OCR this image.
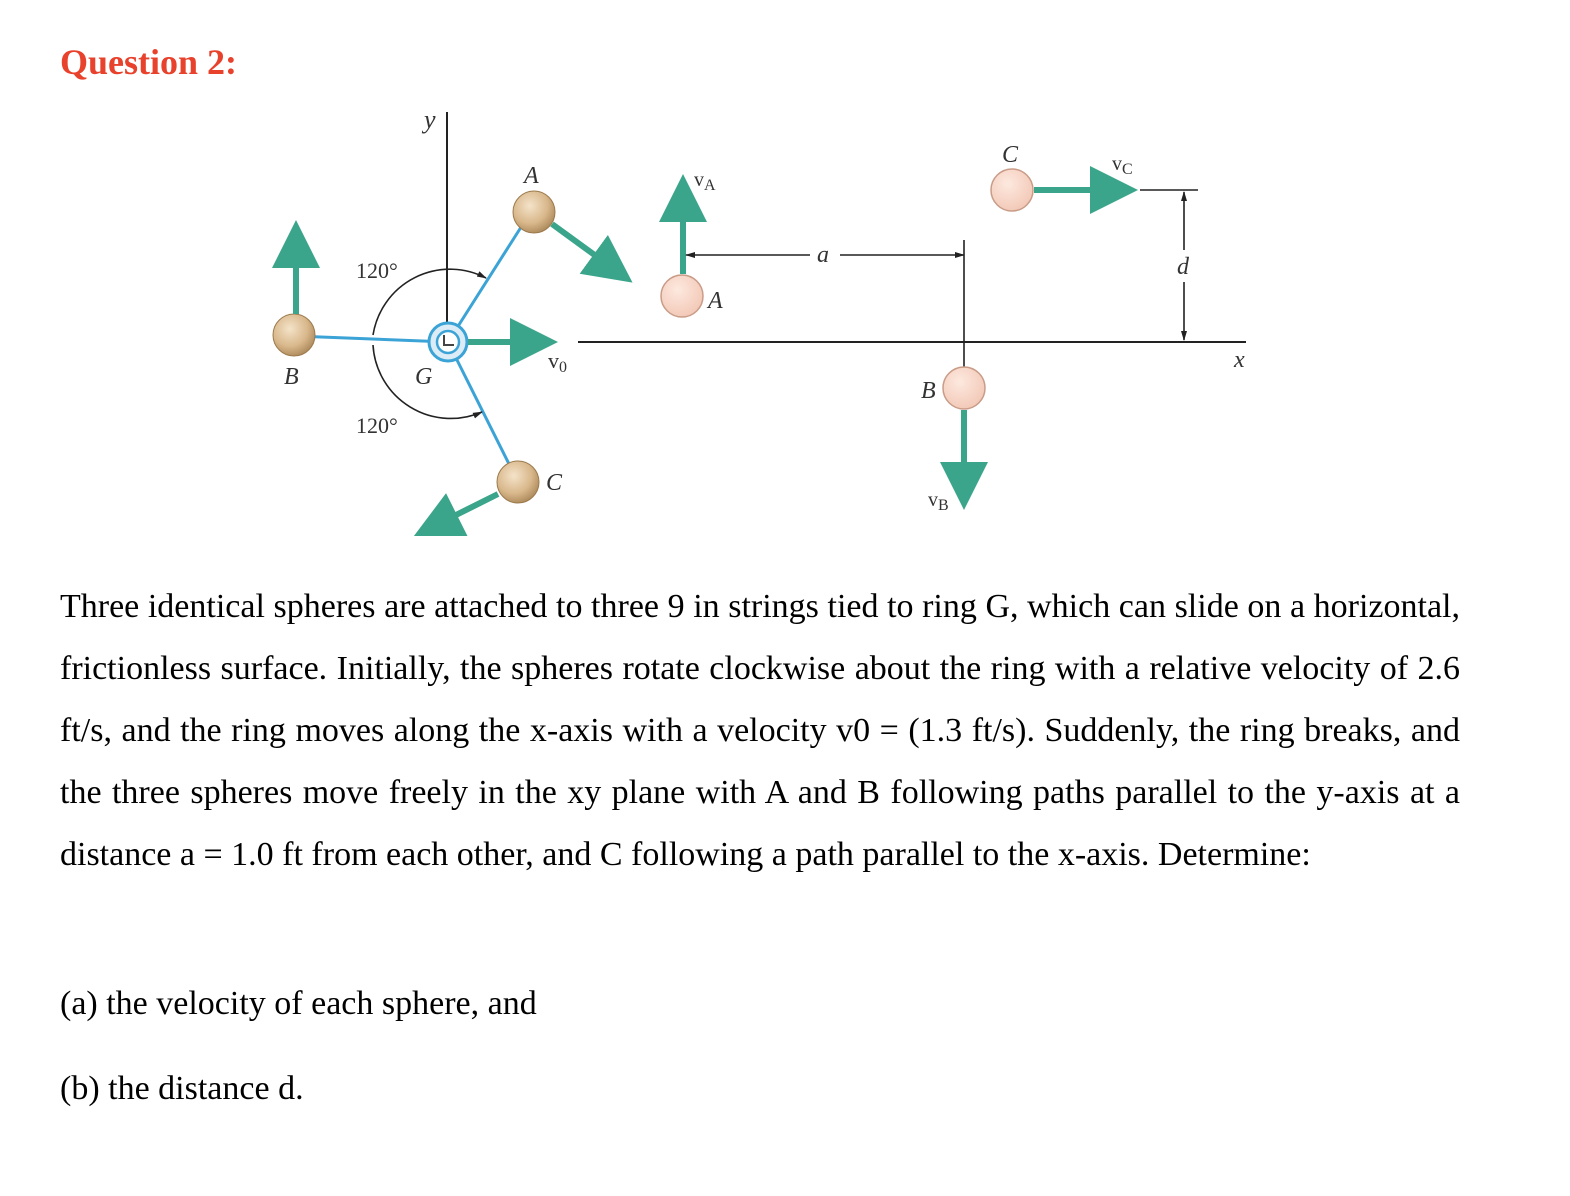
Question 2:
y
120°
120°
G
v0
A
B
C
x
A
$v_A$
a
B
$v_B$
C	$v_C$
d
Three identical spheres are attached to three 9 in strings tied to ring G, which can slide on a horizontal, frictionless surface. Initially, the spheres rotate clockwise about the ring with a relative velocity of 2.6 ft/s, and the ring moves along the x-axis with a velocity v0 = (1.3 ft/s). Suddenly, the ring breaks, and the three spheres move freely in the xy plane with A and B following paths parallel to the y-axis at a distance a = 1.0 ft from each other, and C following a path parallel to the x-axis. Determine:
(a) the velocity of each sphere, and
(b) the distance d.
